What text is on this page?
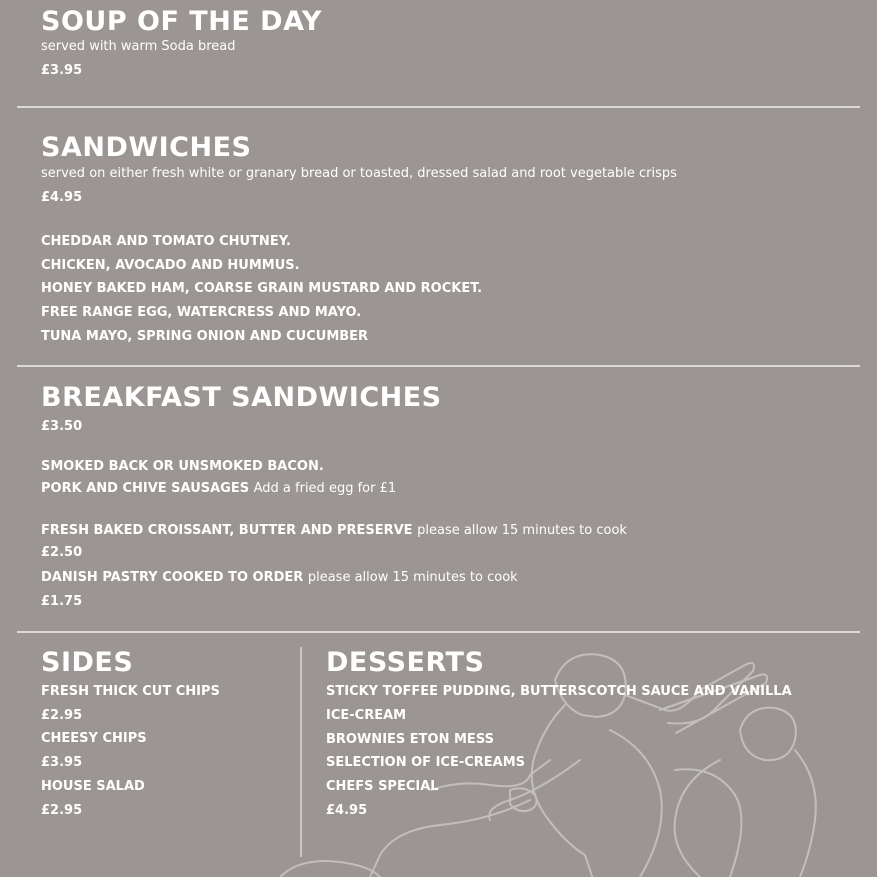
SOUP OF THE DAY
served with warm Soda bread
£3.95
SANDWICHES
served on either fresh white or granary bread or toasted, dressed salad and root vegetable crisps
£4.95
CHEDDAR AND TOMATO CHUTNEY.
CHICKEN, AVOCADO AND HUMMUS.
HONEY BAKED HAM, COARSE GRAIN MUSTARD AND ROCKET.
FREE RANGE EGG, WATERCRESS AND MAYO.
TUNA MAYO, SPRING ONION AND CUCUMBER
BREAKFAST SANDWICHES
£3.50
SMOKED BACK OR UNSMOKED BACON.
PORK AND CHIVE SAUSAGES Add a fried egg for £1
FRESH BAKED CROISSANT, BUTTER AND PRESERVE please allow 15 minutes to cook
£2.50
DANISH PASTRY COOKED TO ORDER please allow 15 minutes to cook
£1.75
SIDES
FRESH THICK CUT CHIPS
£2.95
CHEESY CHIPS
£3.95
HOUSE SALAD
£2.95
DESSERTS
STICKY TOFFEE PUDDING, BUTTERSCOTCH SAUCE AND VANILLA
ICE-CREAM
BROWNIES ETON MESS
SELECTION OF ICE-CREAMS
CHEFS SPECIAL
£4.95
